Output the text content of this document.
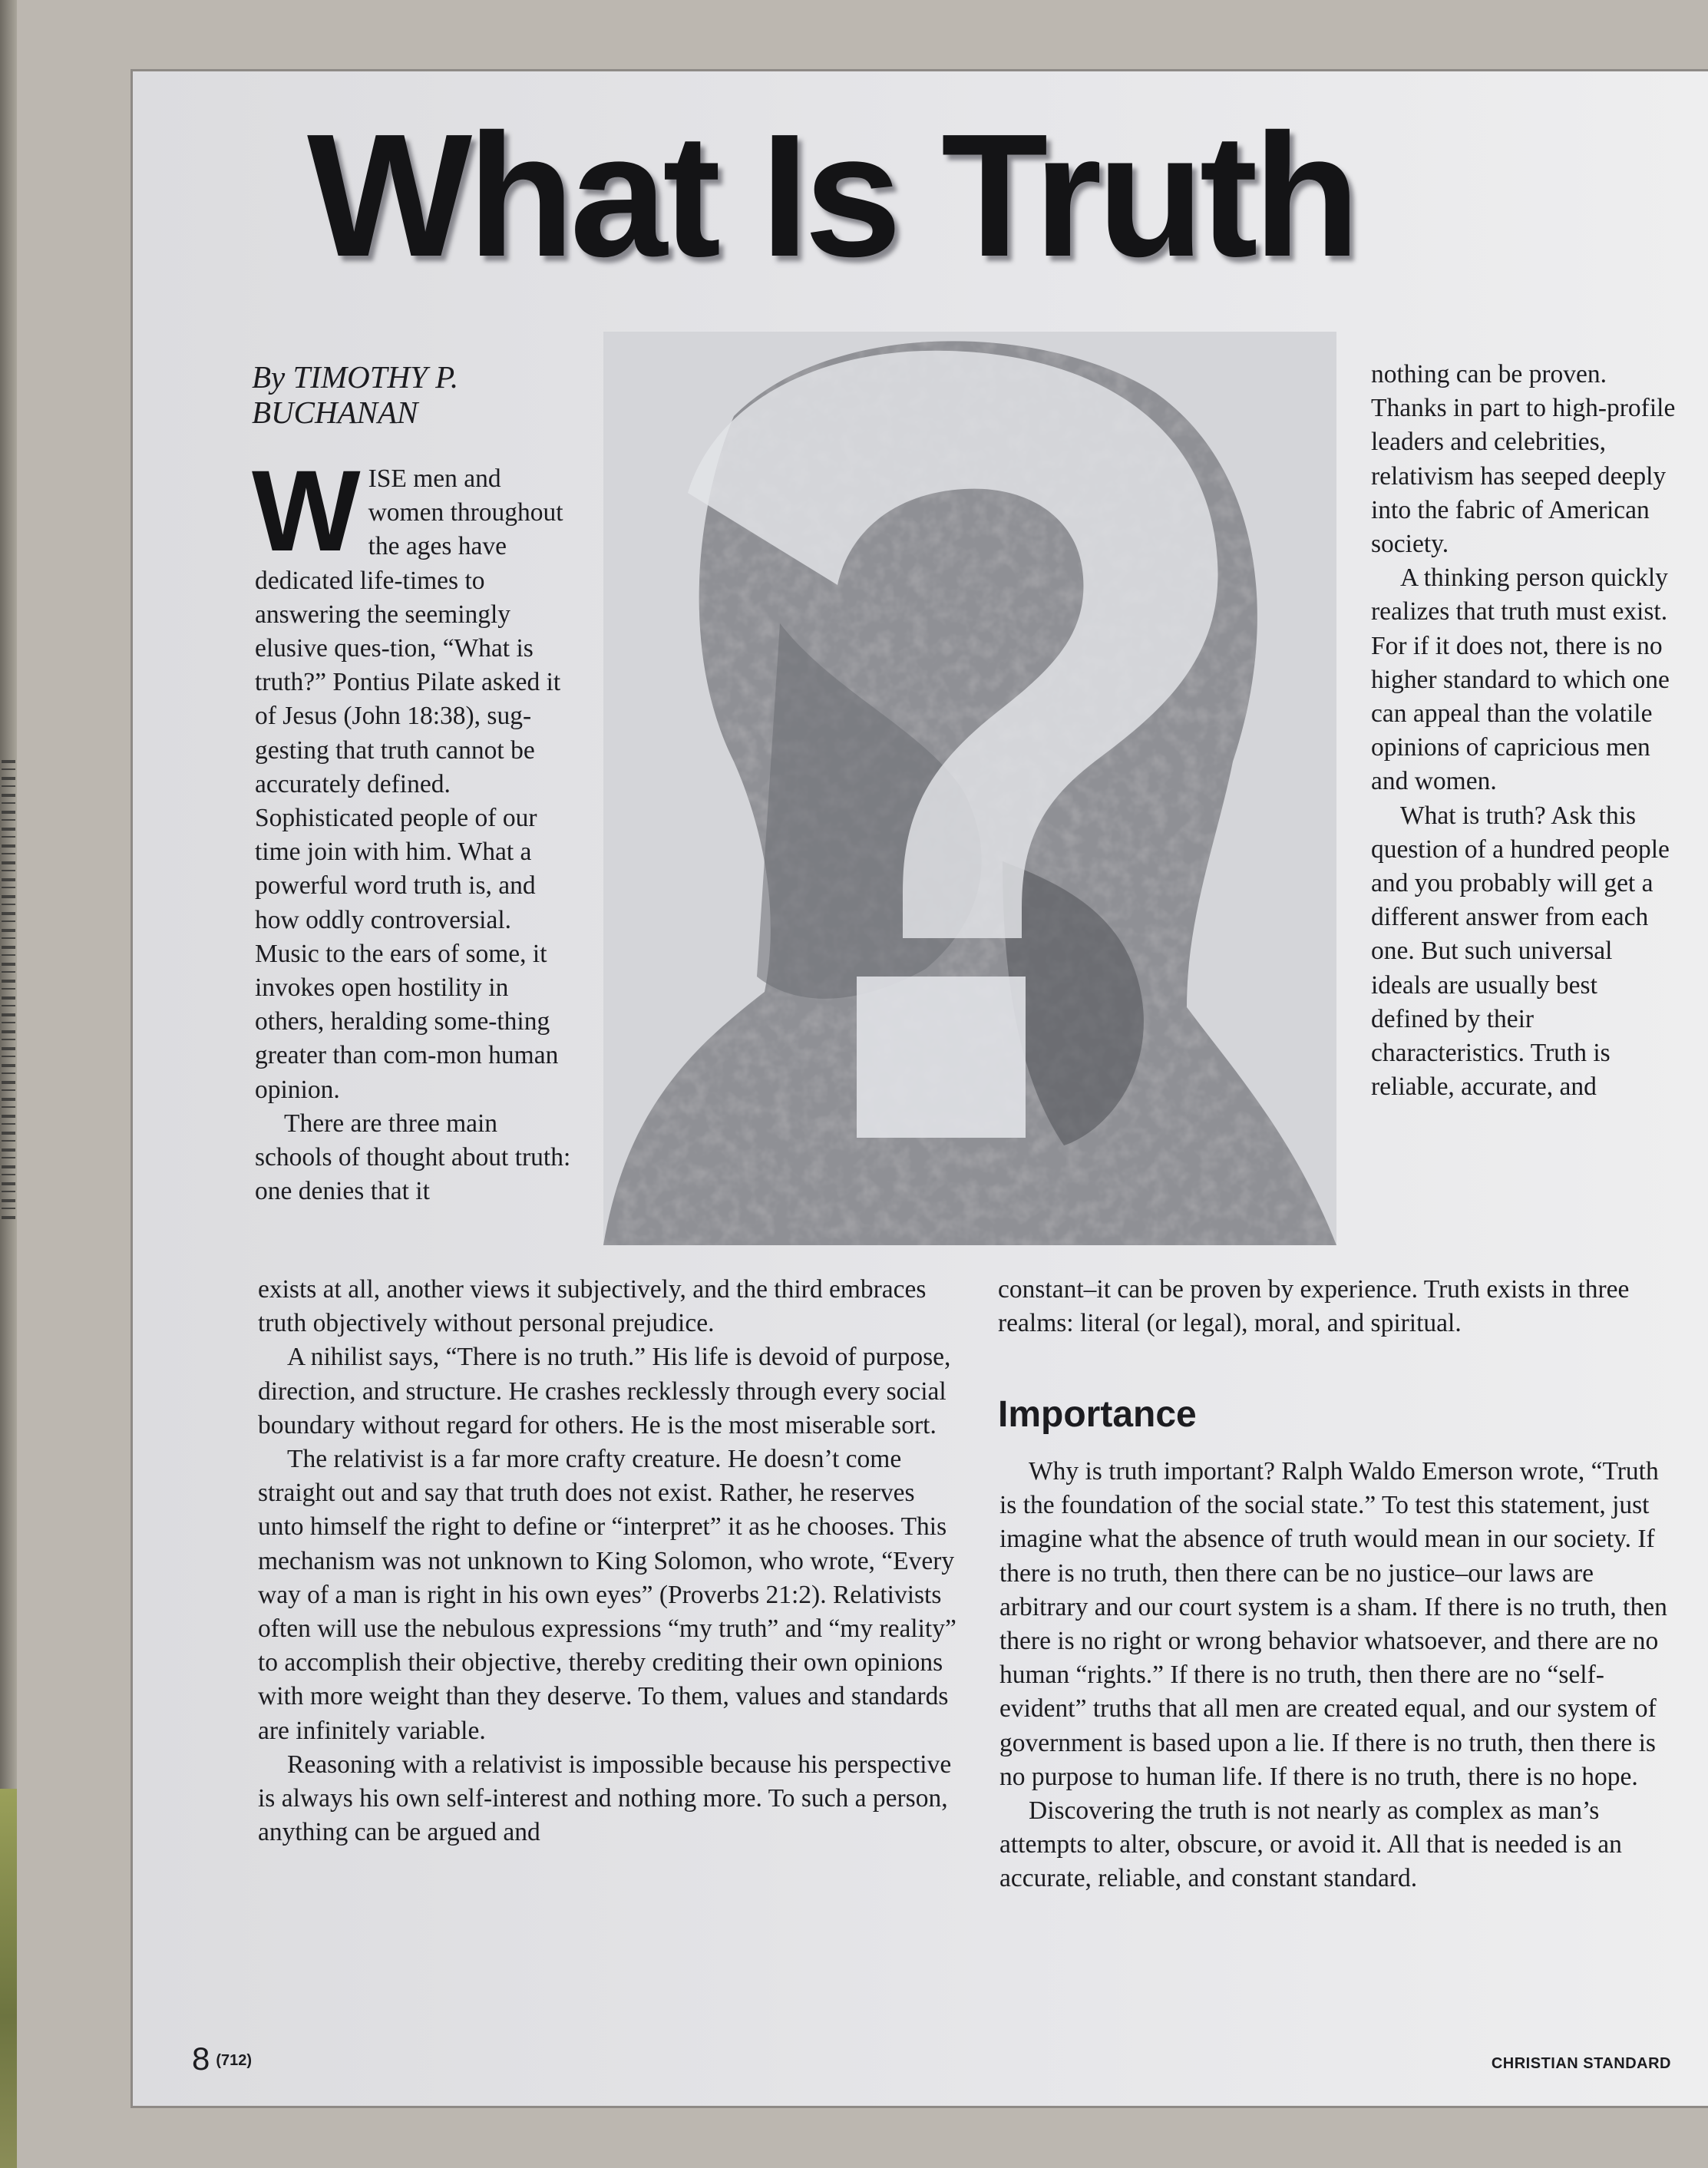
What Is Truth
By TIMOTHY P. BUCHANAN

WISE men and women throughout the ages have dedicated life-times to answering the seemingly elusive ques-tion, “What is truth?” Pontius Pilate asked it of Jesus (John 18:38), sug-gesting that truth cannot be accurately defined. Sophisticated people of our time join with him. What a powerful word truth is, and how oddly controversial. Music to the ears of some, it invokes open hostility in others, heralding some-thing greater than com-mon human opinion.

There are three main schools of thought about truth: one denies that it

exists at all, another views it subjectively, and the third embraces truth objectively without personal prejudice.

A nihilist says, “There is no truth.” His life is devoid of purpose, direction, and structure. He crashes recklessly through every social boundary without regard for others. He is the most miserable sort.

The relativist is a far more crafty creature. He doesn’t come straight out and say that truth does not exist. Rather, he reserves unto himself the right to define or “interpret” it as he chooses. This mechanism was not unknown to King Solomon, who wrote, “Every way of a man is right in his own eyes” (Proverbs 21:2). Relativists often will use the nebulous expressions “my truth” and “my reality” to accomplish their objective, thereby crediting their own opinions with more weight than they deserve. To them, values and standards are infinitely variable.

Reasoning with a relativist is impossible because his perspective is always his own self-interest and nothing more. To such a person, anything can be argued and

nothing can be proven. Thanks in part to high-profile leaders and celebrities, relativism has seeped deeply into the fabric of American society.

A thinking person quickly realizes that truth must exist. For if it does not, there is no higher standard to which one can appeal than the volatile opinions of capricious men and women.

What is truth? Ask this question of a hundred people and you probably will get a different answer from each one. But such universal ideals are usually best defined by their characteristics. Truth is reliable, accurate, and

constant–it can be proven by experience. Truth exists in three realms: literal (or legal), moral, and spiritual.

Importance

Why is truth important? Ralph Waldo Emerson wrote, “Truth is the foundation of the social state.” To test this statement, just imagine what the absence of truth would mean in our society. If there is no truth, then there can be no justice–our laws are arbitrary and our court system is a sham. If there is no truth, then there is no right or wrong behavior whatsoever, and there are no human “rights.” If there is no truth, then there are no “self-evident” truths that all men are created equal, and our system of government is based upon a lie. If there is no truth, then there is no purpose to human life. If there is no truth, there is no hope.

Discovering the truth is not nearly as complex as man’s attempts to alter, obscure, or avoid it. All that is needed is an accurate, reliable, and constant standard.

8 (712)	CHRISTIAN STANDARD
